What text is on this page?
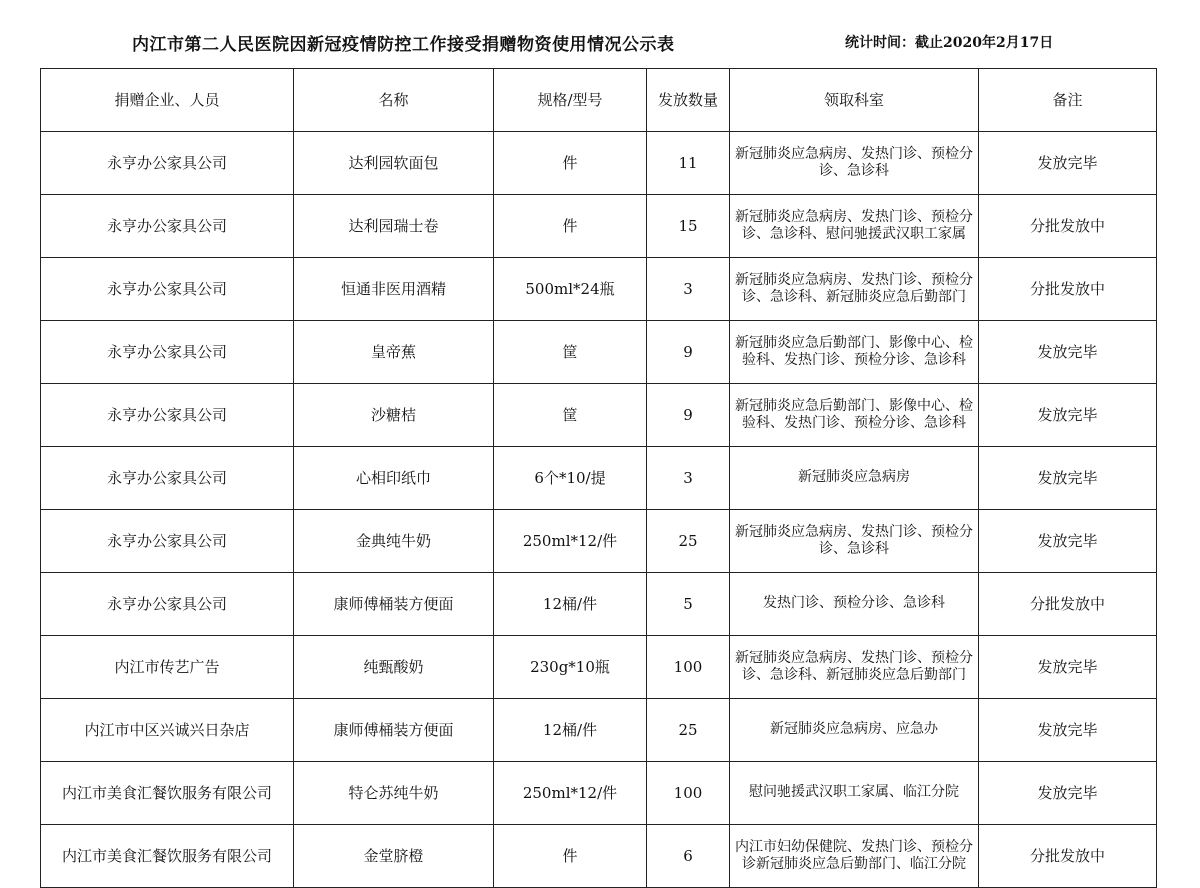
内江市第二人民医院因新冠疫情防控工作接受捐赠物资使用情况公示表	统计时间：截止2020年2月17日
捐赠企业、人员	名称	规格/型号	发放数量	领取科室	备注
永亨办公家具公司	达利园软面包	件	11	新冠肺炎应急病房、发热门诊、预检分诊、急诊科	发放完毕
永亨办公家具公司	达利园瑞士卷	件	15	新冠肺炎应急病房、发热门诊、预检分诊、急诊科、慰问驰援武汉职工家属	分批发放中
永亨办公家具公司	恒通非医用酒精	500ml*24瓶	3	新冠肺炎应急病房、发热门诊、预检分诊、急诊科、新冠肺炎应急后勤部门	分批发放中
永亨办公家具公司	皇帝蕉	筐	9	新冠肺炎应急后勤部门、影像中心、检验科、发热门诊、预检分诊、急诊科	发放完毕
永亨办公家具公司	沙糖桔	筐	9	新冠肺炎应急后勤部门、影像中心、检验科、发热门诊、预检分诊、急诊科	发放完毕
永亨办公家具公司	心相印纸巾	6个*10/提	3	新冠肺炎应急病房	发放完毕
永亨办公家具公司	金典纯牛奶	250ml*12/件	25	新冠肺炎应急病房、发热门诊、预检分诊、急诊科	发放完毕
永亨办公家具公司	康师傅桶装方便面	12桶/件	5	发热门诊、预检分诊、急诊科	分批发放中
内江市传艺广告	纯甄酸奶	230g*10瓶	100	新冠肺炎应急病房、发热门诊、预检分诊、急诊科、新冠肺炎应急后勤部门	发放完毕
内江市中区兴诚兴日杂店	康师傅桶装方便面	12桶/件	25	新冠肺炎应急病房、应急办	发放完毕
内江市美食汇餐饮服务有限公司	特仑苏纯牛奶	250ml*12/件	100	慰问驰援武汉职工家属、临江分院	发放完毕
内江市美食汇餐饮服务有限公司	金堂脐橙	件	6	内江市妇幼保健院、发热门诊、预检分诊新冠肺炎应急后勤部门、临江分院	分批发放中
